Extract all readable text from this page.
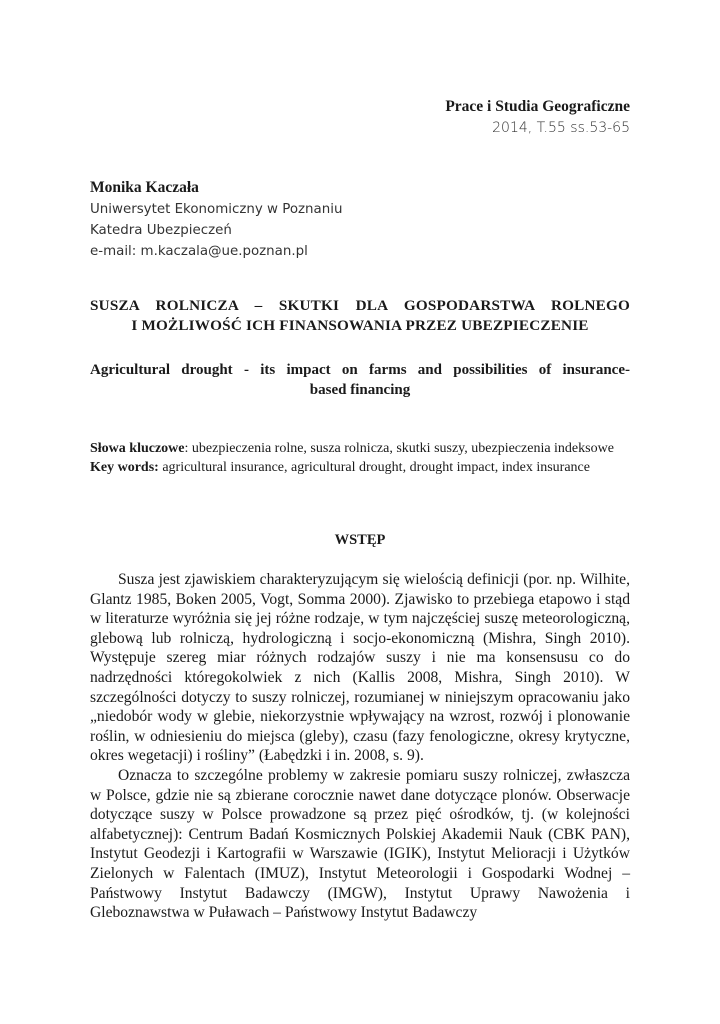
Prace i Studia Geograficzne
2014, T.55 ss.53-65
Monika Kaczała
Uniwersytet Ekonomiczny w Poznaniu
Katedra Ubezpieczeń
e-mail: m.kaczala@ue.poznan.pl
SUSZA ROLNICZA – SKUTKI DLA GOSPODARSTWA ROLNEGO
I MOŻLIWOŚĆ ICH FINANSOWANIA PRZEZ UBEZPIECZENIE
Agricultural drought - its impact on farms and possibilities of insurance-
based financing
Słowa kluczowe: ubezpieczenia rolne, susza rolnicza, skutki suszy, ubezpieczenia indeksowe
Key words: agricultural insurance, agricultural drought, drought impact, index insurance
WSTĘP

Susza jest zjawiskiem charakteryzującym się wielością definicji (por. np. Wilhite, Glantz 1985, Boken 2005, Vogt, Somma 2000). Zjawisko to przebiega etapowo i stąd w literaturze wyróżnia się jej różne rodzaje, w tym najczęściej suszę meteorologiczną, glebową lub rolniczą, hydrologiczną i socjo-ekonomiczną (Mishra, Singh 2010). Występuje szereg miar różnych rodzajów suszy i nie ma konsensusu co do nadrzędności któregokolwiek z nich (Kallis 2008, Mishra, Singh 2010). W szczególności dotyczy to suszy rolniczej, rozumianej w niniejszym opracowaniu jako „niedobór wody w glebie, niekorzystnie wpływający na wzrost, rozwój i plonowanie roślin, w odniesieniu do miejsca (gleby), czasu (fazy fenologiczne, okresy krytyczne, okres wegetacji) i rośliny” (Łabędzki i in. 2008, s. 9).

Oznacza to szczególne problemy w zakresie pomiaru suszy rolniczej, zwłaszcza w Polsce, gdzie nie są zbierane corocznie nawet dane dotyczące plonów. Obserwacje dotyczące suszy w Polsce prowadzone są przez pięć ośrodków, tj. (w kolejności alfabetycznej): Centrum Badań Kosmicznych Polskiej Akademii Nauk (CBK PAN), Instytut Geodezji i Kartografii w Warszawie (IGIK), Instytut Melioracji i Użytków Zielonych w Falentach (IMUZ), Instytut Meteorologii i Gospodarki Wodnej – Państwowy Instytut Badawczy (IMGW), Instytut Uprawy Nawożenia i Gleboznawstwa w Puławach – Państwowy Instytut Badawczy
